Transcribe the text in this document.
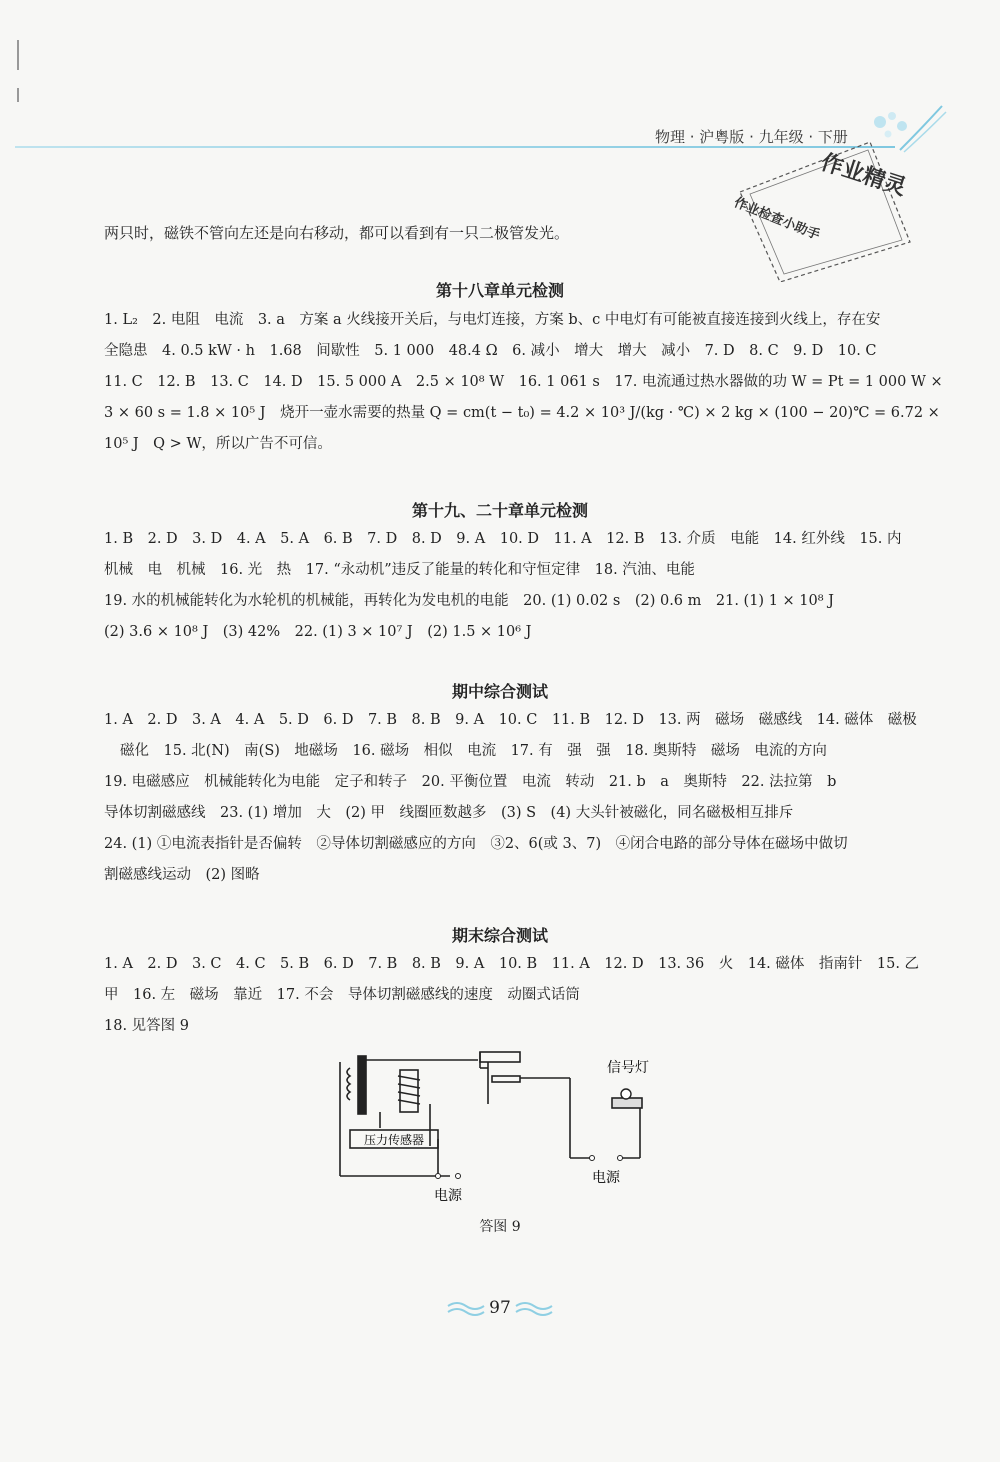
物理 · 沪粤版 · 九年级 · 下册
作业精灵
作业检查小助手
两只时，磁铁不管向左还是向右移动，都可以看到有一只二极管发光。
第十八章单元检测
1. L₂　2. 电阻　电流　3. a　方案 a 火线接开关后，与电灯连接，方案 b、c 中电灯有可能被直接连接到火线上，存在安
全隐患　4. 0.5 kW · h　1.68　间歇性　5. 1 000　48.4 Ω　6. 减小　增大　增大　减小　7. D　8. C　9. D　10. C
11. C　12. B　13. C　14. D　15. 5 000 A　2.5 × 10⁸ W　16. 1 061 s　17. 电流通过热水器做的功 W = Pt = 1 000 W ×
3 × 60 s = 1.8 × 10⁵ J　烧开一壶水需要的热量 Q = cm(t − t₀) = 4.2 × 10³ J/(kg · ℃) × 2 kg × (100 − 20)℃ = 6.72 ×
10⁵ J　Q > W，所以广告不可信。
第十九、二十章单元检测
1. B　2. D　3. D　4. A　5. A　6. B　7. D　8. D　9. A　10. D　11. A　12. B　13. 介质　电能　14. 红外线　15. 内
机械　电　机械　16. 光　热　17. “永动机”违反了能量的转化和守恒定律　18. 汽油、电能
19. 水的机械能转化为水轮机的机械能，再转化为发电机的电能　20. (1) 0.02 s　(2) 0.6 m　21. (1) 1 × 10⁸ J
(2) 3.6 × 10⁸ J　(3) 42%　22. (1) 3 × 10⁷ J　(2) 1.5 × 10⁶ J
期中综合测试
1. A　2. D　3. A　4. A　5. D　6. D　7. B　8. B　9. A　10. C　11. B　12. D　13. 两　磁场　磁感线　14. 磁体　磁极
磁化　15. 北(N)　南(S)　地磁场　16. 磁场　相似　电流　17. 有　强　强　18. 奥斯特　磁场　电流的方向
19. 电磁感应　机械能转化为电能　定子和转子　20. 平衡位置　电流　转动　21. b　a　奥斯特　22. 法拉第　b
导体切割磁感线　23. (1) 增加　大　(2) 甲　线圈匝数越多　(3) S　(4) 大头针被磁化，同名磁极相互排斥
24. (1) ①电流表指针是否偏转　②导体切割磁感应的方向　③2、6(或 3、7)　④闭合电路的部分导体在磁场中做切
割磁感线运动　(2) 图略
期末综合测试
1. A　2. D　3. C　4. C　5. B　6. D　7. B　8. B　9. A　10. B　11. A　12. D　13. 36　火　14. 磁体　指南针　15. 乙
甲　16. 左　磁场　靠近　17. 不会　导体切割磁感线的速度　动圈式话筒
18. 见答图 9
压力传感器
信号灯
电源
电源
答图 9
97
